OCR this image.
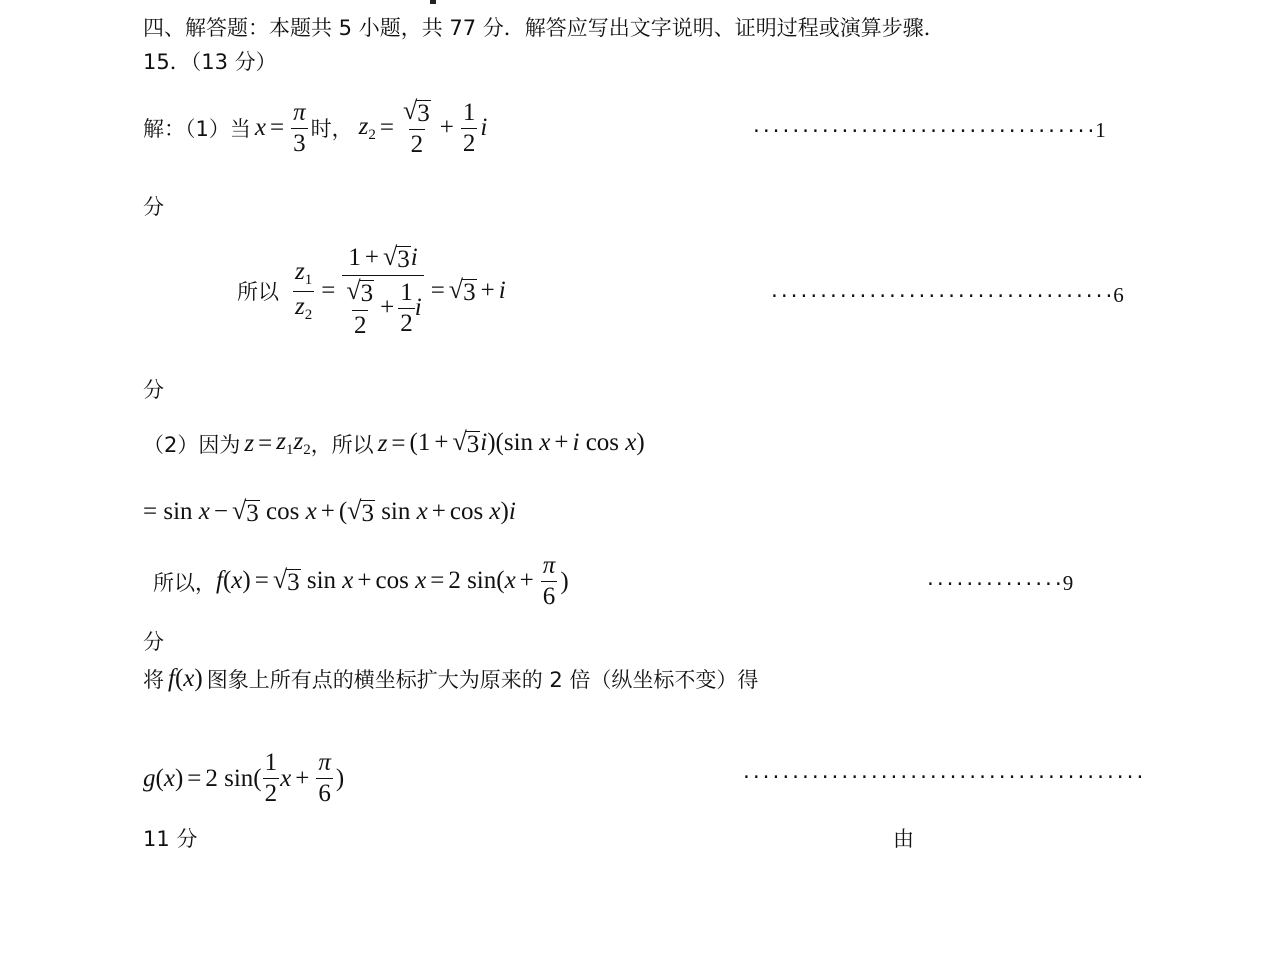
四、解答题：本题共 5 小题，共 77 分．解答应写出文字说明、证明过程或演算步骤．
15．（13 分）
解：（1）当 $x = \frac{\pi}{3}$ 时， $z_2 = \frac{√ 3}{2} + \frac{1}{2}$ i	···································1
分
所以 $\frac{z_1}{z_2} = \frac{1 + √ 3 i}{\frac{√ 3}{2} + \frac{1}{2} i}$ = √ 3 + i	···································6
分
（2）因为 $z = z_1z_2$ ，所以 z = (1 + √ 3 i)(sin x + i cos x)
= sin x − √ 3 cos x + ( √ 3 sin x + cos x)i
所以， f(x) = √ 3 sin x + cos x = 2 $\sin(x + \frac{\pi}{6}$ )	··············9
分
将 f(x) 图象上所有点的横坐标扩大为原来的 2 倍（纵坐标不变）得
g(x) = 2 $\sin( \frac{1}{2}$ $x + \frac{\pi}{6}$ )	·········································
11 分	由
